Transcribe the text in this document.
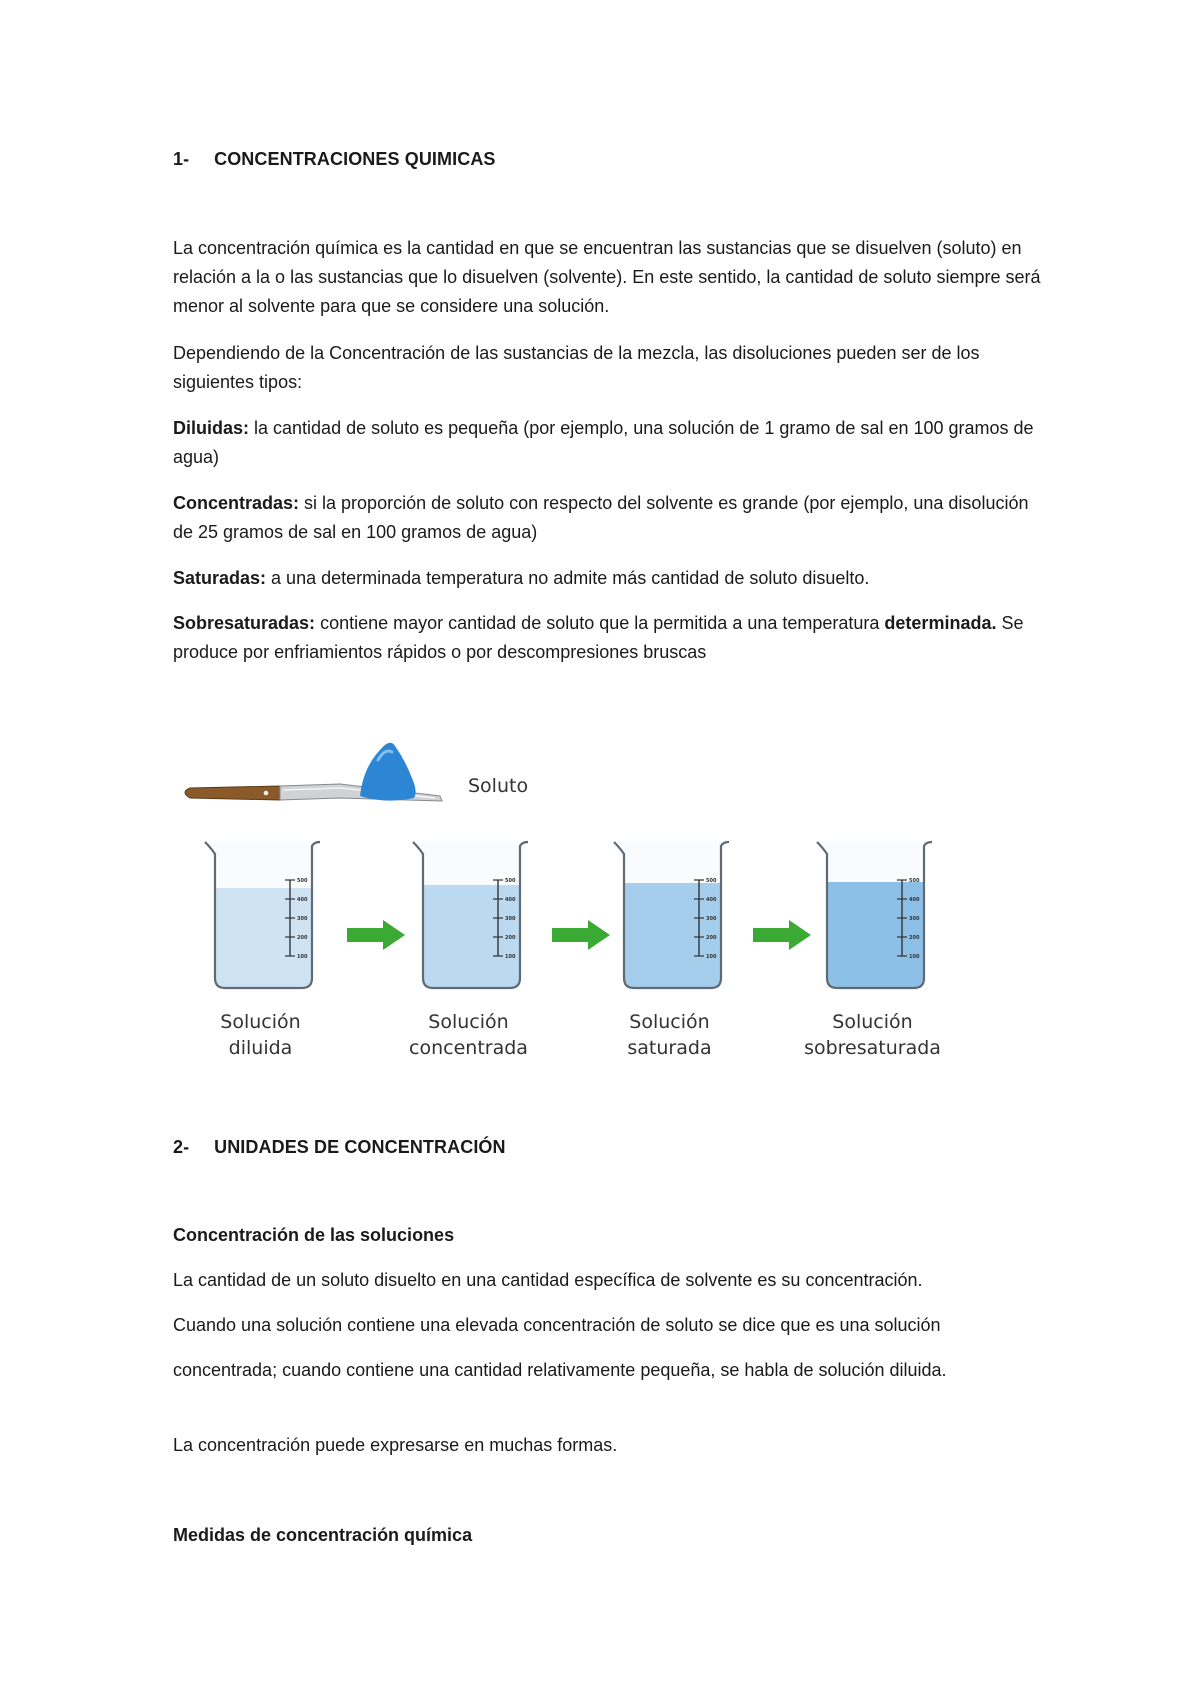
1- CONCENTRACIONES QUIMICAS

La concentración química es la cantidad en que se encuentran las sustancias que se disuelven (soluto) en relación a la o las sustancias que lo disuelven (solvente). En este sentido, la cantidad de soluto siempre será menor al solvente para que se considere una solución.

Dependiendo de la Concentración de las sustancias de la mezcla, las disoluciones pueden ser de los siguientes tipos:

Diluidas: la cantidad de soluto es pequeña (por ejemplo, una solución de 1 gramo de sal en 100 gramos de agua)

Concentradas: si la proporción de soluto con respecto del solvente es grande (por ejemplo, una disolución de 25 gramos de sal en 100 gramos de agua)

Saturadas: a una determinada temperatura no admite más cantidad de soluto disuelto.

Sobresaturadas: contiene mayor cantidad de soluto que la permitida a una temperatura determinada. Se produce por enfriamientos rápidos o por descompresiones bruscas

Soluto
500
400
300
200
100
Solución
diluida
500
400
300
200
100
Solución
concentrada
500
400
300
200
100
Solución
saturada
500
400
300
200
100
Solución
sobresaturada
2- UNIDADES DE CONCENTRACIÓN

Concentración de las soluciones

La cantidad de un soluto disuelto en una cantidad específica de solvente es su concentración.

Cuando una solución contiene una elevada concentración de soluto se dice que es una solución

concentrada; cuando contiene una cantidad relativamente pequeña, se habla de solución diluida.

La concentración puede expresarse en muchas formas.

Medidas de concentración química
